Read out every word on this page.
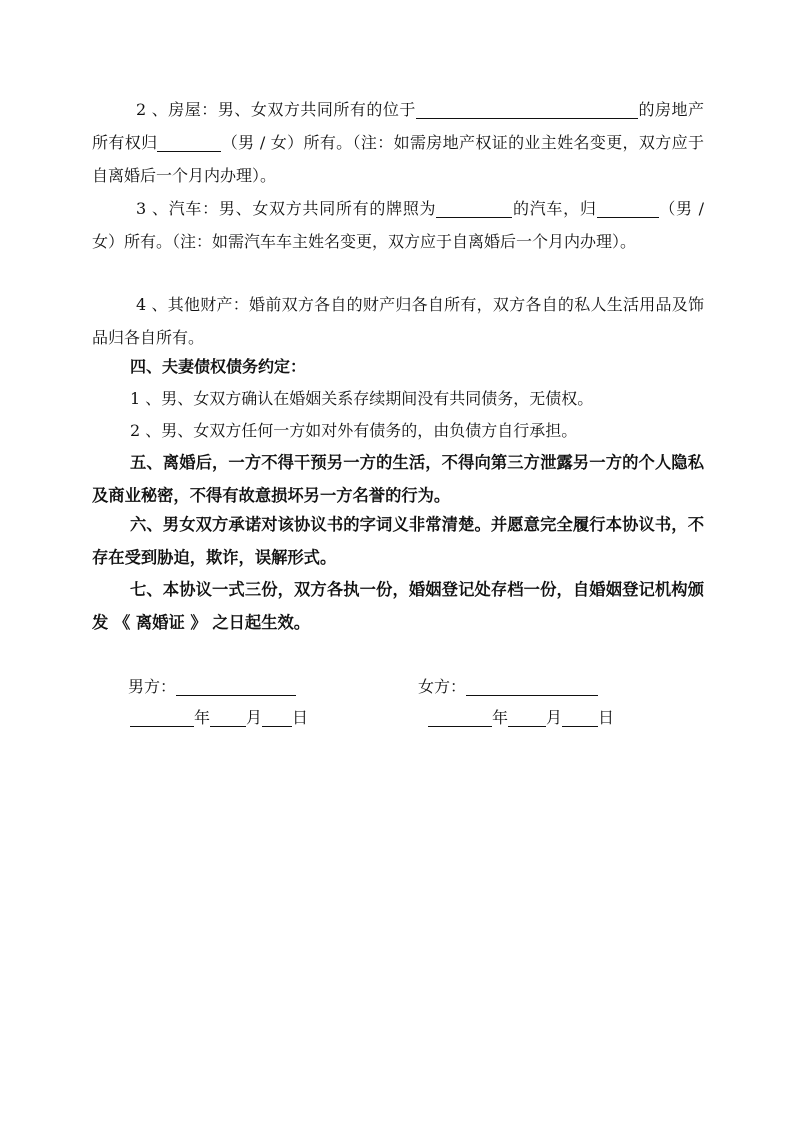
2 、房屋：男、女双方共同所有的位于	的房地产所有权归	（男 / 女）所有。（注：如需房地产权证的业主姓名变更，双方应于自离婚后一个月内办理）。

3 、汽车：男、女双方共同所有的牌照为	的汽车，归	（男 / 女）所有。（注：如需汽车车主姓名变更，双方应于自离婚后一个月内办理）。

4 、其他财产：婚前双方各自的财产归各自所有，双方各自的私人生活用品及饰品归各自所有。

四、夫妻债权债务约定：

1 、男、女双方确认在婚姻关系存续期间没有共同债务，无债权。

2 、男、女双方任何一方如对外有债务的，由负债方自行承担。

五、离婚后，一方不得干预另一方的生活，不得向第三方泄露另一方的个人隐私及商业秘密，不得有故意损坏另一方名誉的行为。

六、男女双方承诺对该协议书的字词义非常清楚。并愿意完全履行本协议书，不存在受到胁迫，欺诈，误解形式。

七、本协议一式三份，双方各执一份，婚姻登记处存档一份，自婚姻登记机构颁发 《 离婚证 》 之日起生效。

男方：	女方：
年 月 日	年 月 日
